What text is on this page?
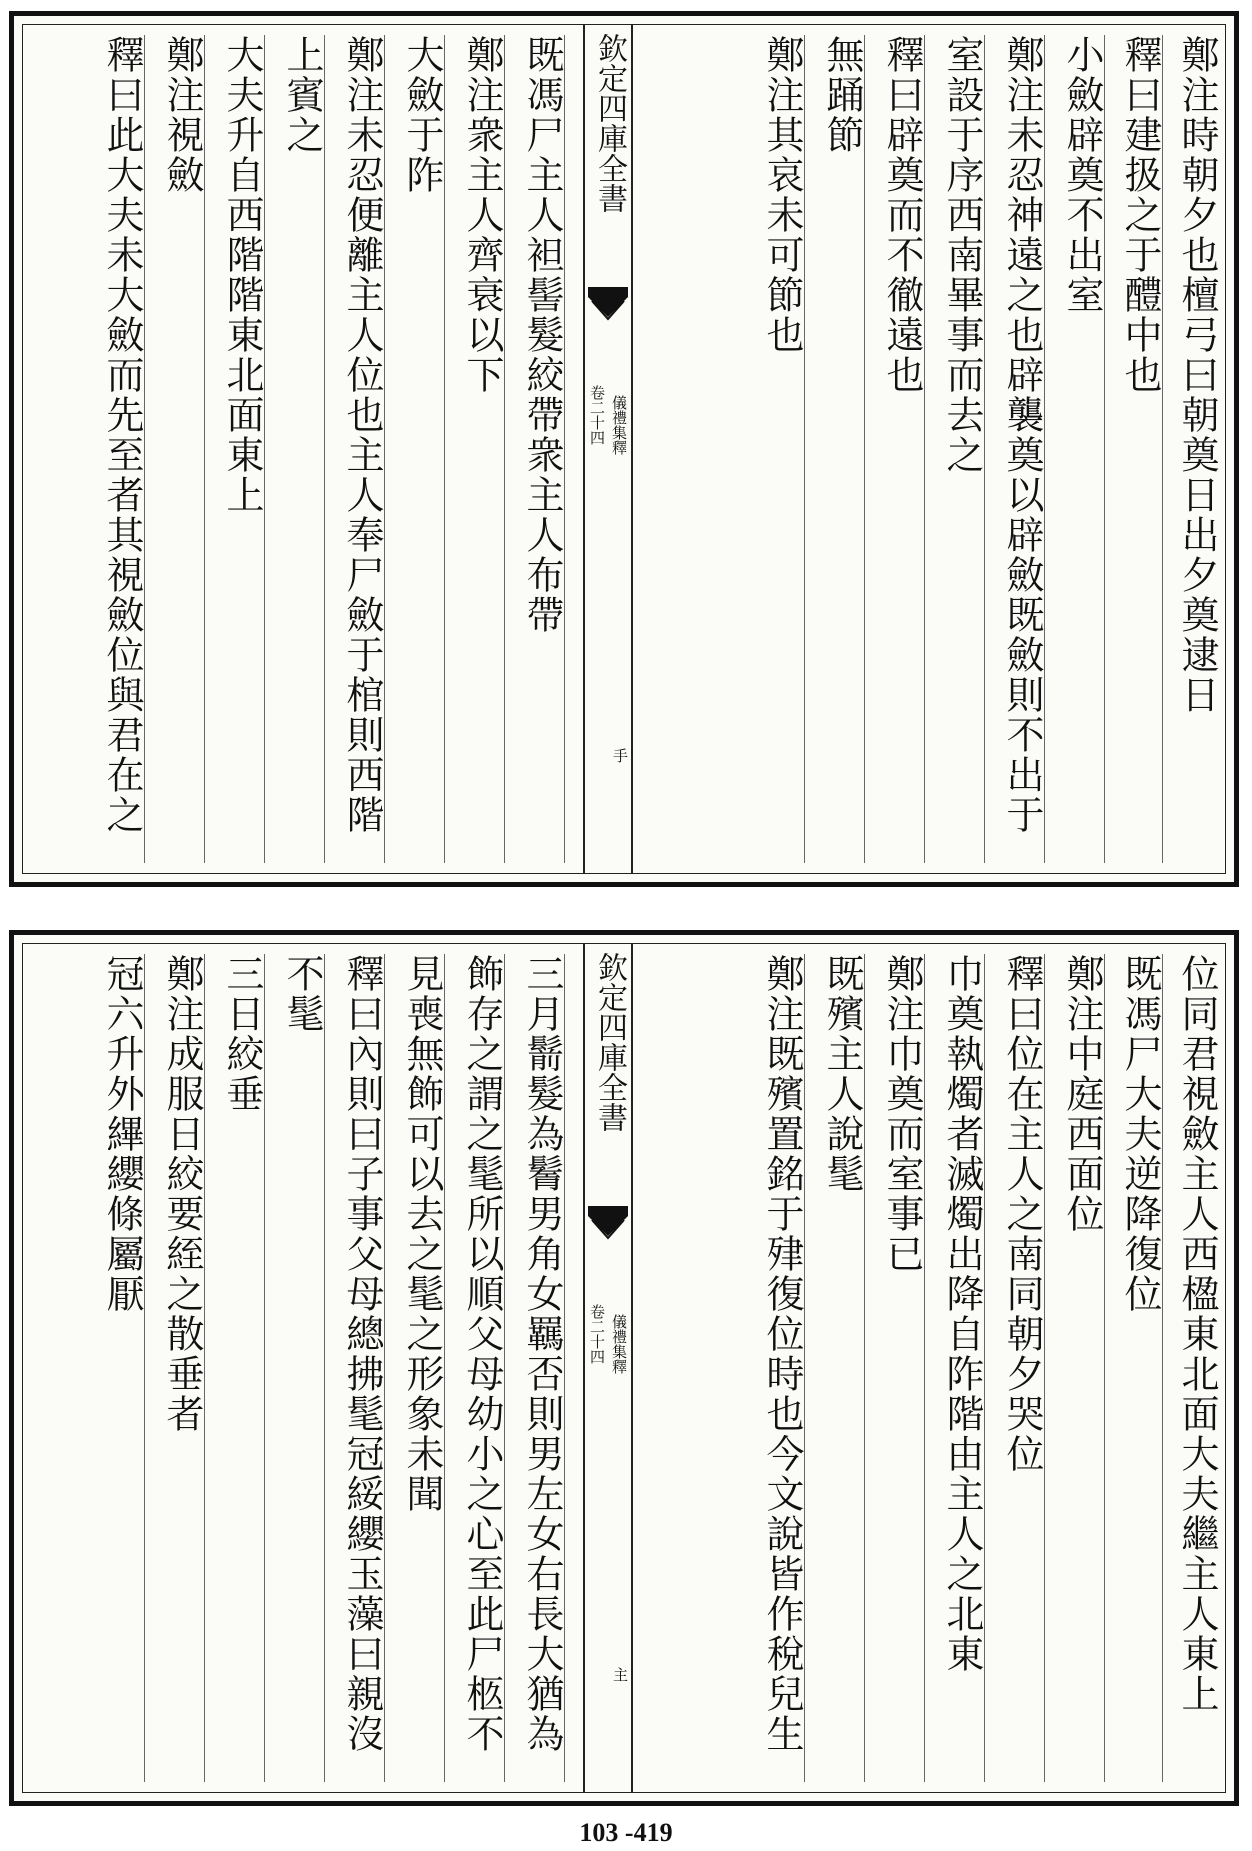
鄭注時朝夕也檀弓曰朝奠日出夕奠逮日
釋曰建扱之于醴中也
小斂辟奠不出室
鄭注未忍神遠之也辟襲奠以辟斂既斂則不出于
室設于序西南畢事而去之
釋曰辟奠而不徹遠也
無踊節
鄭注其哀未可節也
欽定四庫全書
儀禮集釋
卷二十四
手
既馮尸主人袒髻髮絞帶衆主人布帶
鄭注衆主人齊衰以下
大斂于阼
鄭注未忍便離主人位也主人奉尸斂于棺則西階
上賓之
大夫升自西階階東北面東上
鄭注視斂
釋曰此大夫未大斂而先至者其視斂位與君在之
位同君視斂主人西楹東北面大夫繼主人東上
既馮尸大夫逆降復位
鄭注中庭西面位
釋曰位在主人之南同朝夕哭位
巾奠執燭者滅燭出降自阼階由主人之北東
鄭注巾奠而室事已
既殯主人說髦
鄭注既殯置銘于肂復位時也今文說皆作稅兒生
欽定四庫全書
儀禮集釋
卷二十四
主
三月鬋髮為鬌男角女羈否則男左女右長大猶為
飾存之謂之髦所以順父母幼小之心至此尸柩不
見喪無飾可以去之髦之形象未聞
釋曰內則曰子事父母總拂髦冠綏纓玉藻曰親沒
不髦
三日絞垂
鄭注成服日絞要絰之散垂者
冠六升外縪纓條屬厭
103 -419
